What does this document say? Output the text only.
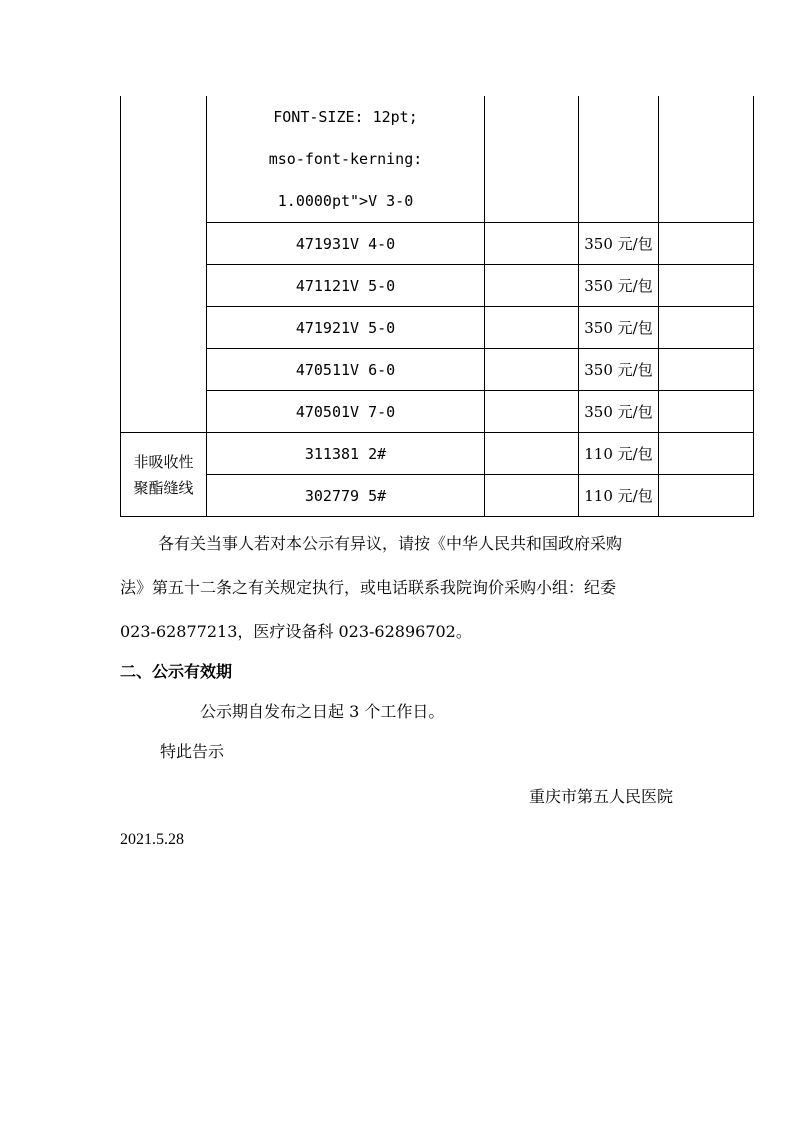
	FONT-SIZE: 12pt;
mso-font-kerning:
1.0000pt">V 3-0			

	471931V 4-0		350 元/包	
	471121V 5-0		350 元/包	
	471921V 5-0		350 元/包	
	470511V 6-0		350 元/包	
	470501V 7-0		350 元/包	

非吸收性
聚酯缝线	311381 2#		110 元/包	
	302779 5#		110 元/包	
各有关当事人若对本公示有异议，请按《中华人民共和国政府采购
法》第五十二条之有关规定执行，或电话联系我院询价采购小组：纪委
023-62877213，医疗设备科 023-62896702。
二、公示有效期
公示期自发布之日起 3 个工作日。
特此告示
重庆市第五人民医院
2021.5.28
